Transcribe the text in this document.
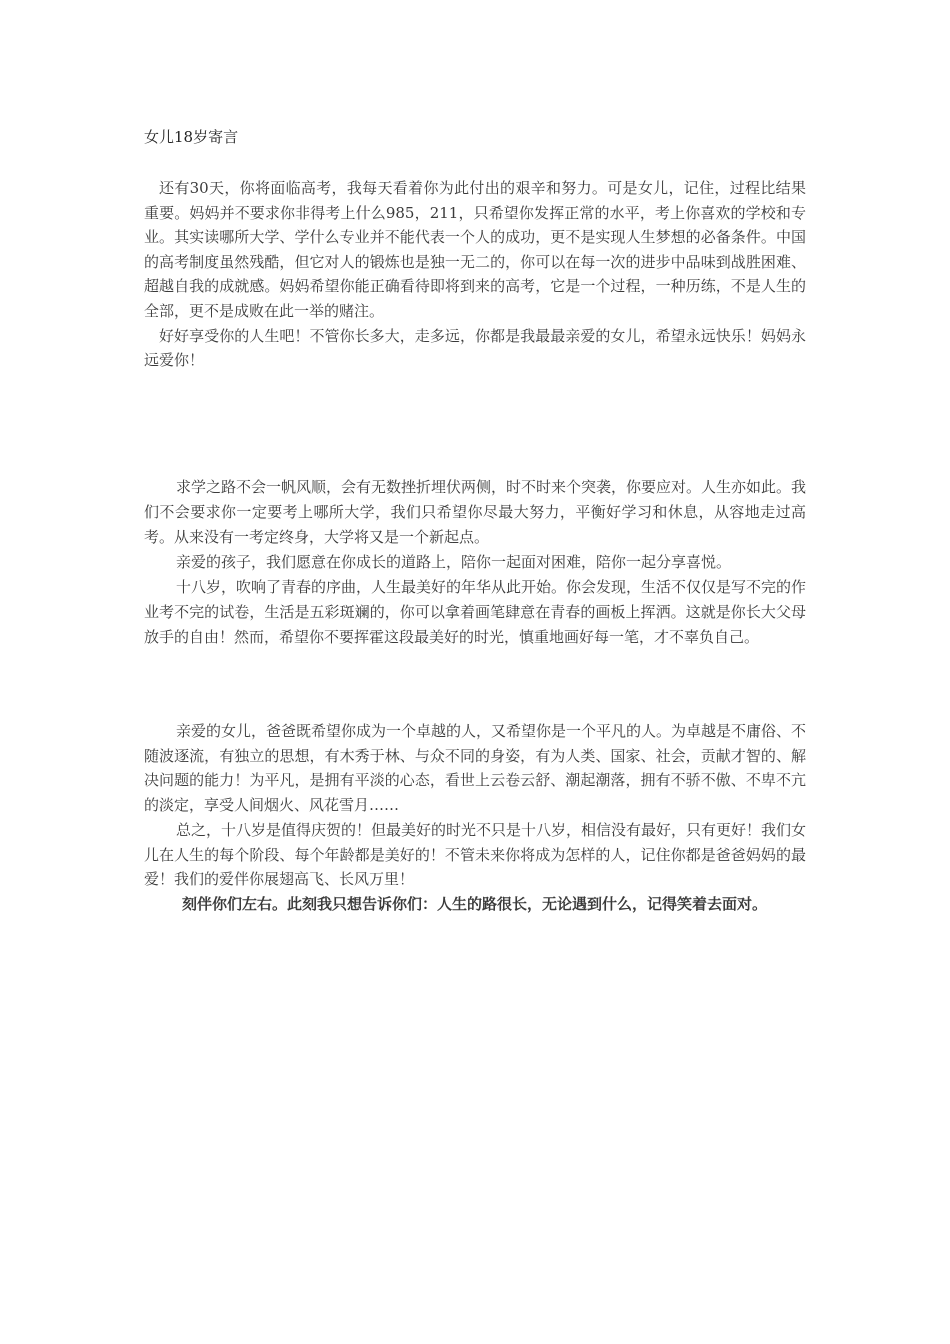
女儿18岁寄言

还有30天，你将面临高考，我每天看着你为此付出的艰辛和努力。可是女儿，记住，过程比结果重要。妈妈并不要求你非得考上什么985，211，只希望你发挥正常的水平，考上你喜欢的学校和专业。其实读哪所大学、学什么专业并不能代表一个人的成功，更不是实现人生梦想的必备条件。中国的高考制度虽然残酷，但它对人的锻炼也是独一无二的，你可以在每一次的进步中品味到战胜困难、超越自我的成就感。妈妈希望你能正确看待即将到来的高考，它是一个过程，一种历练，不是人生的全部，更不是成败在此一举的赌注。

好好享受你的人生吧！不管你长多大，走多远，你都是我最最亲爱的女儿，希望永远快乐！妈妈永远爱你！

求学之路不会一帆风顺，会有无数挫折埋伏两侧，时不时来个突袭，你要应对。人生亦如此。我们不会要求你一定要考上哪所大学，我们只希望你尽最大努力，平衡好学习和休息，从容地走过高考。从来没有一考定终身，大学将又是一个新起点。

亲爱的孩子，我们愿意在你成长的道路上，陪你一起面对困难，陪你一起分享喜悦。

十八岁，吹响了青春的序曲，人生最美好的年华从此开始。你会发现，生活不仅仅是写不完的作业考不完的试卷，生活是五彩斑斓的，你可以拿着画笔肆意在青春的画板上挥洒。这就是你长大父母放手的自由！然而，希望你不要挥霍这段最美好的时光，慎重地画好每一笔，才不辜负自己。

亲爱的女儿，爸爸既希望你成为一个卓越的人，又希望你是一个平凡的人。为卓越是不庸俗、不随波逐流，有独立的思想，有木秀于林、与众不同的身姿，有为人类、国家、社会，贡献才智的、解决问题的能力！为平凡，是拥有平淡的心态，看世上云卷云舒、潮起潮落，拥有不骄不傲、不卑不亢的淡定，享受人间烟火、风花雪月……

总之，十八岁是值得庆贺的！但最美好的时光不只是十八岁，相信没有最好，只有更好！我们女儿在人生的每个阶段、每个年龄都是美好的！不管未来你将成为怎样的人，记住你都是爸爸妈妈的最爱！我们的爱伴你展翅高飞、长风万里！

刻伴你们左右。此刻我只想告诉你们：人生的路很长，无论遇到什么，记得笑着去面对。
